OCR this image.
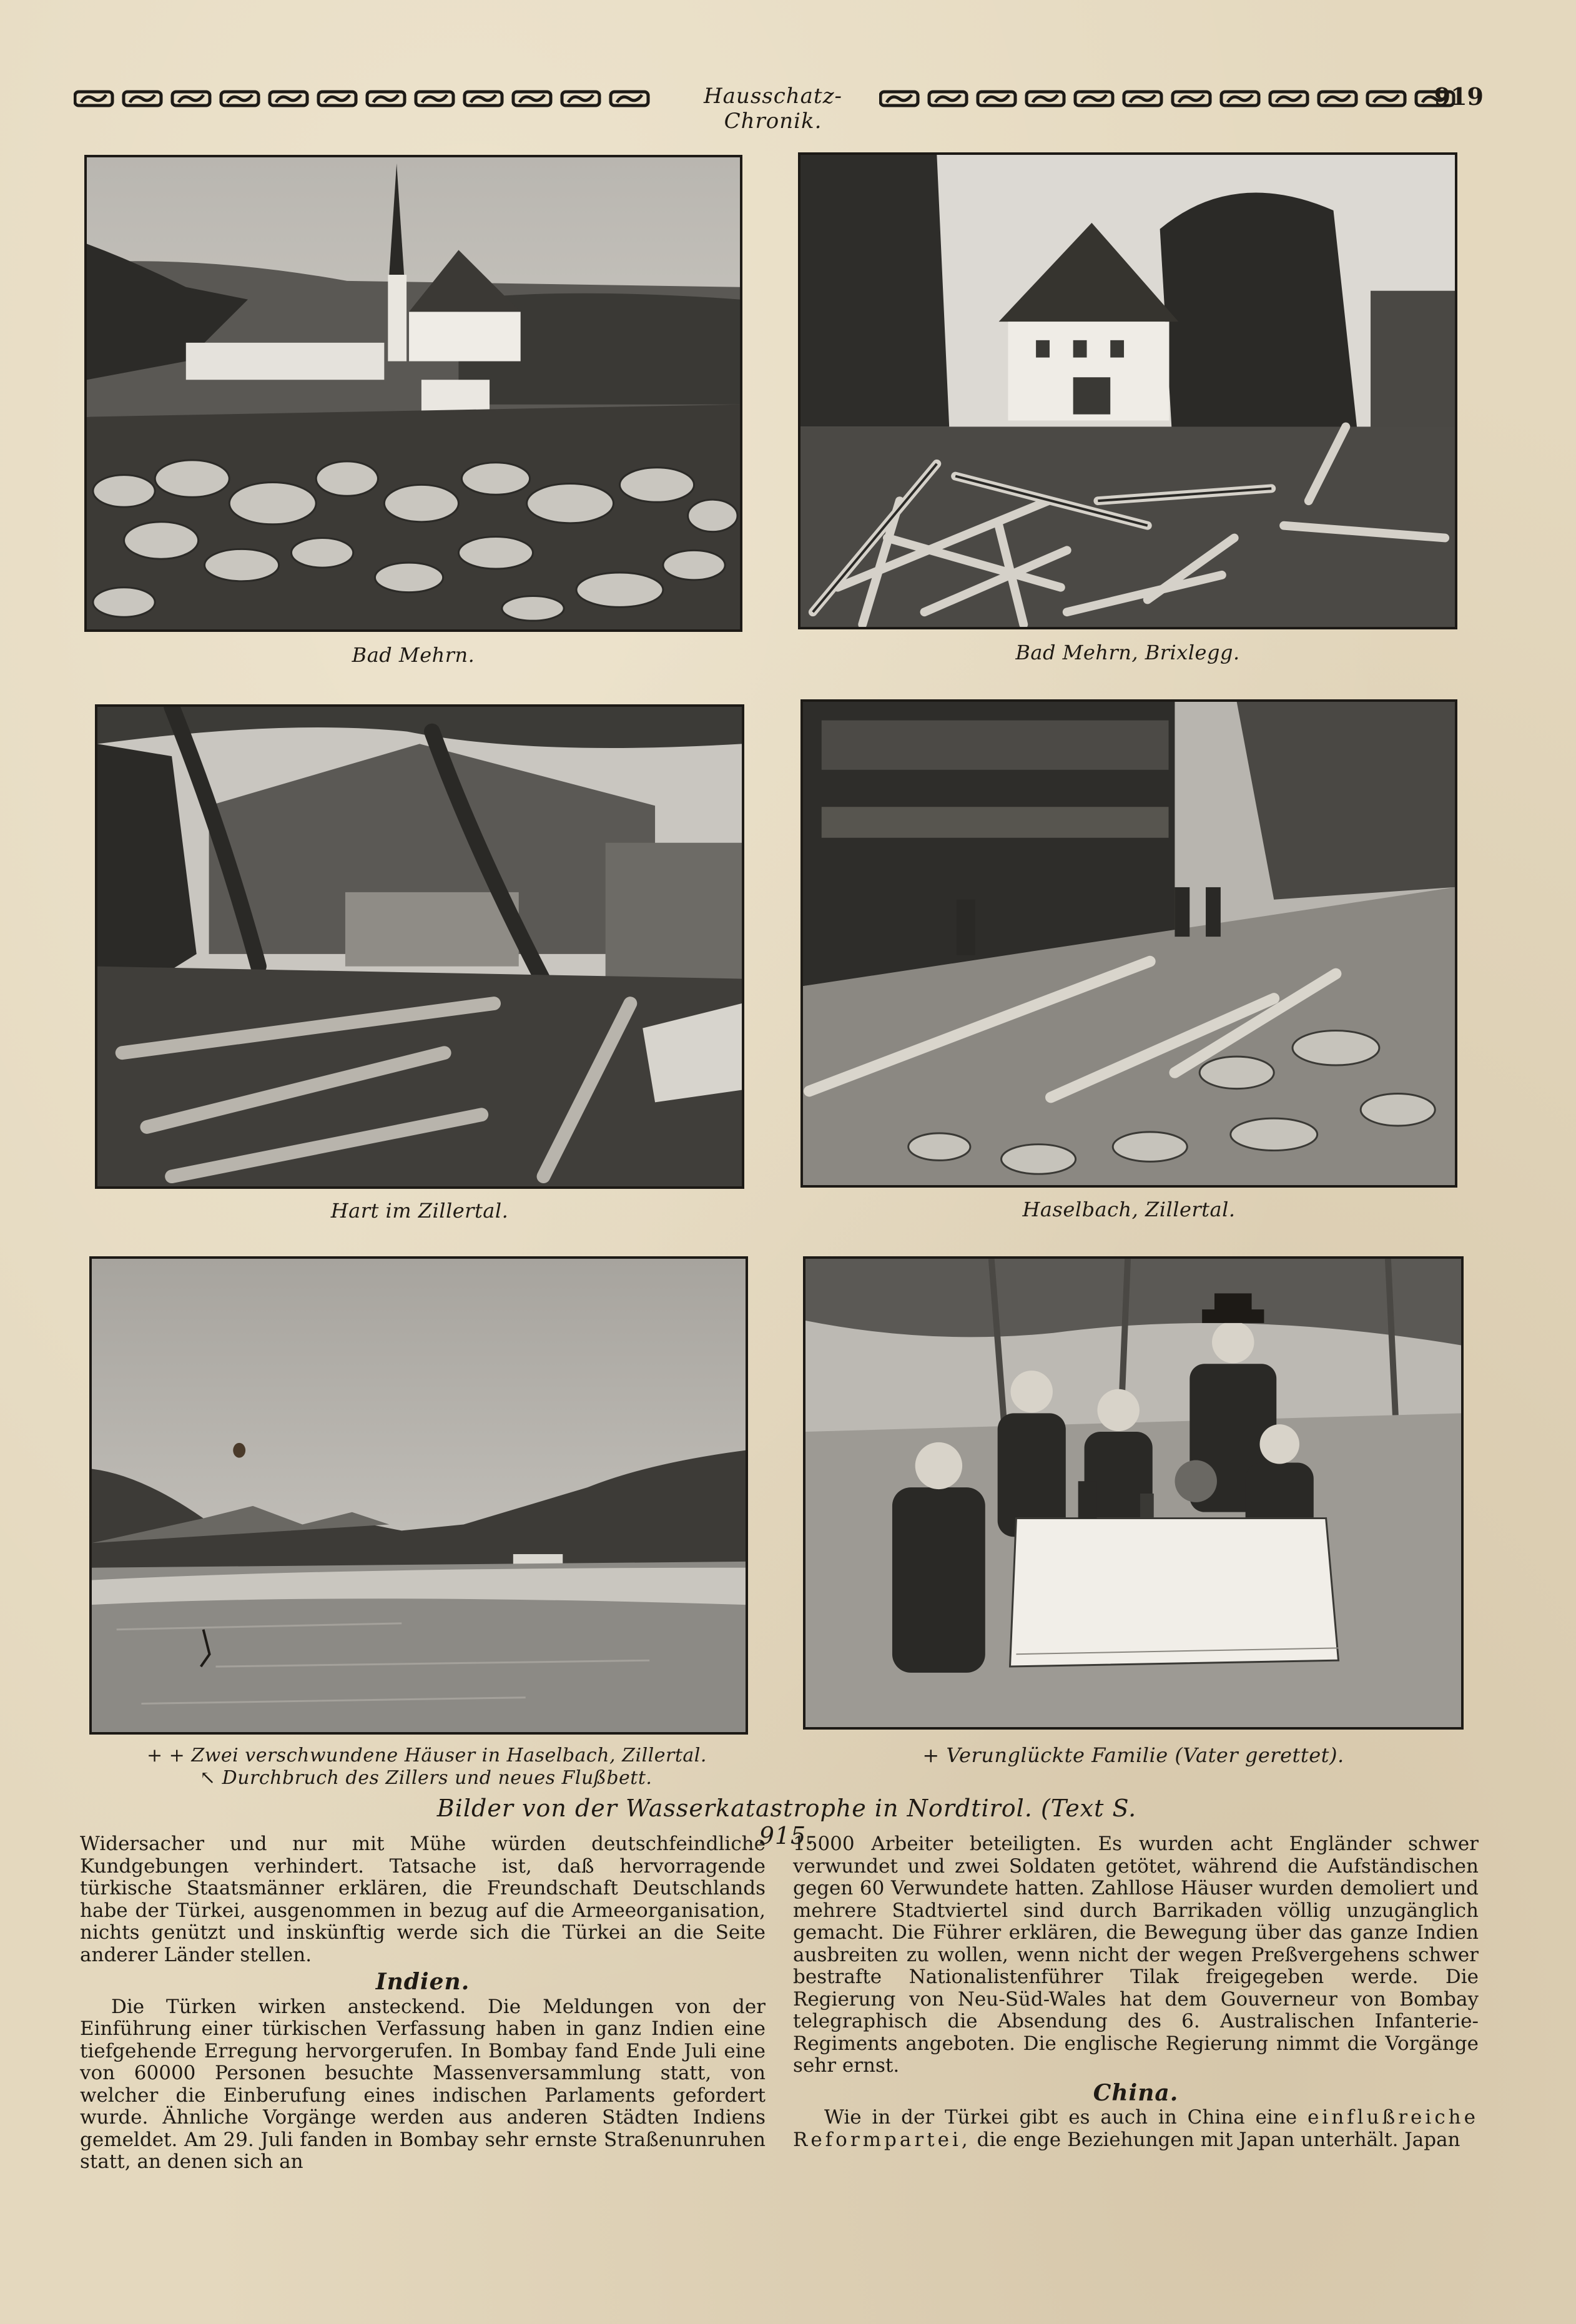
Hausschatz-Chronik.
919
Bad Mehrn.	Bad Mehrn, Brixlegg.
Hart im Zillertal.	Haselbach, Zillertal.
+ + Zwei verschwundene Häuser in Haselbach, Zillertal.
↖ Durchbruch des Zillers und neues Flußbett.
+ Verunglückte Familie (Vater gerettet).
Bilder von der Wasserkatastrophe in Nordtirol. (Text S. 915.

Widersacher und nur mit Mühe würden deutschfeindliche Kundgebungen verhindert. Tatsache ist, daß hervorragende türkische Staatsmänner erklären, die Freundschaft Deutschlands habe der Türkei, ausgenommen in bezug auf die Armeeorganisation, nichts genützt und inskünftig werde sich die Türkei an die Seite anderer Länder stellen.

Indien.

Die Türken wirken ansteckend. Die Meldungen von der Einführung einer türkischen Verfassung haben in ganz Indien eine tiefgehende Erregung hervorgerufen. In Bombay fand Ende Juli eine von 60000 Personen besuchte Massenversammlung statt, von welcher die Einberufung eines indischen Parlaments gefordert wurde. Ähnliche Vorgänge werden aus anderen Städten Indiens gemeldet. Am 29. Juli fanden in Bombay sehr ernste Straßenunruhen statt, an denen sich an

15000 Arbeiter beteiligten. Es wurden acht Engländer schwer verwundet und zwei Soldaten getötet, während die Aufständischen gegen 60 Verwundete hatten. Zahllose Häuser wurden demoliert und mehrere Stadtviertel sind durch Barrikaden völlig unzugänglich gemacht. Die Führer erklären, die Bewegung über das ganze Indien ausbreiten zu wollen, wenn nicht der wegen Preßvergehens schwer bestrafte Nationalistenführer Tilak freigegeben werde. Die Regierung von Neu-Süd-Wales hat dem Gouverneur von Bombay telegraphisch die Absendung des 6. Australischen Infanterie-Regiments angeboten. Die englische Regierung nimmt die Vorgänge sehr ernst.

China.

Wie in der Türkei gibt es auch in China eine einflußreiche Reformpartei, die enge Beziehungen mit Japan unterhält. Japan
